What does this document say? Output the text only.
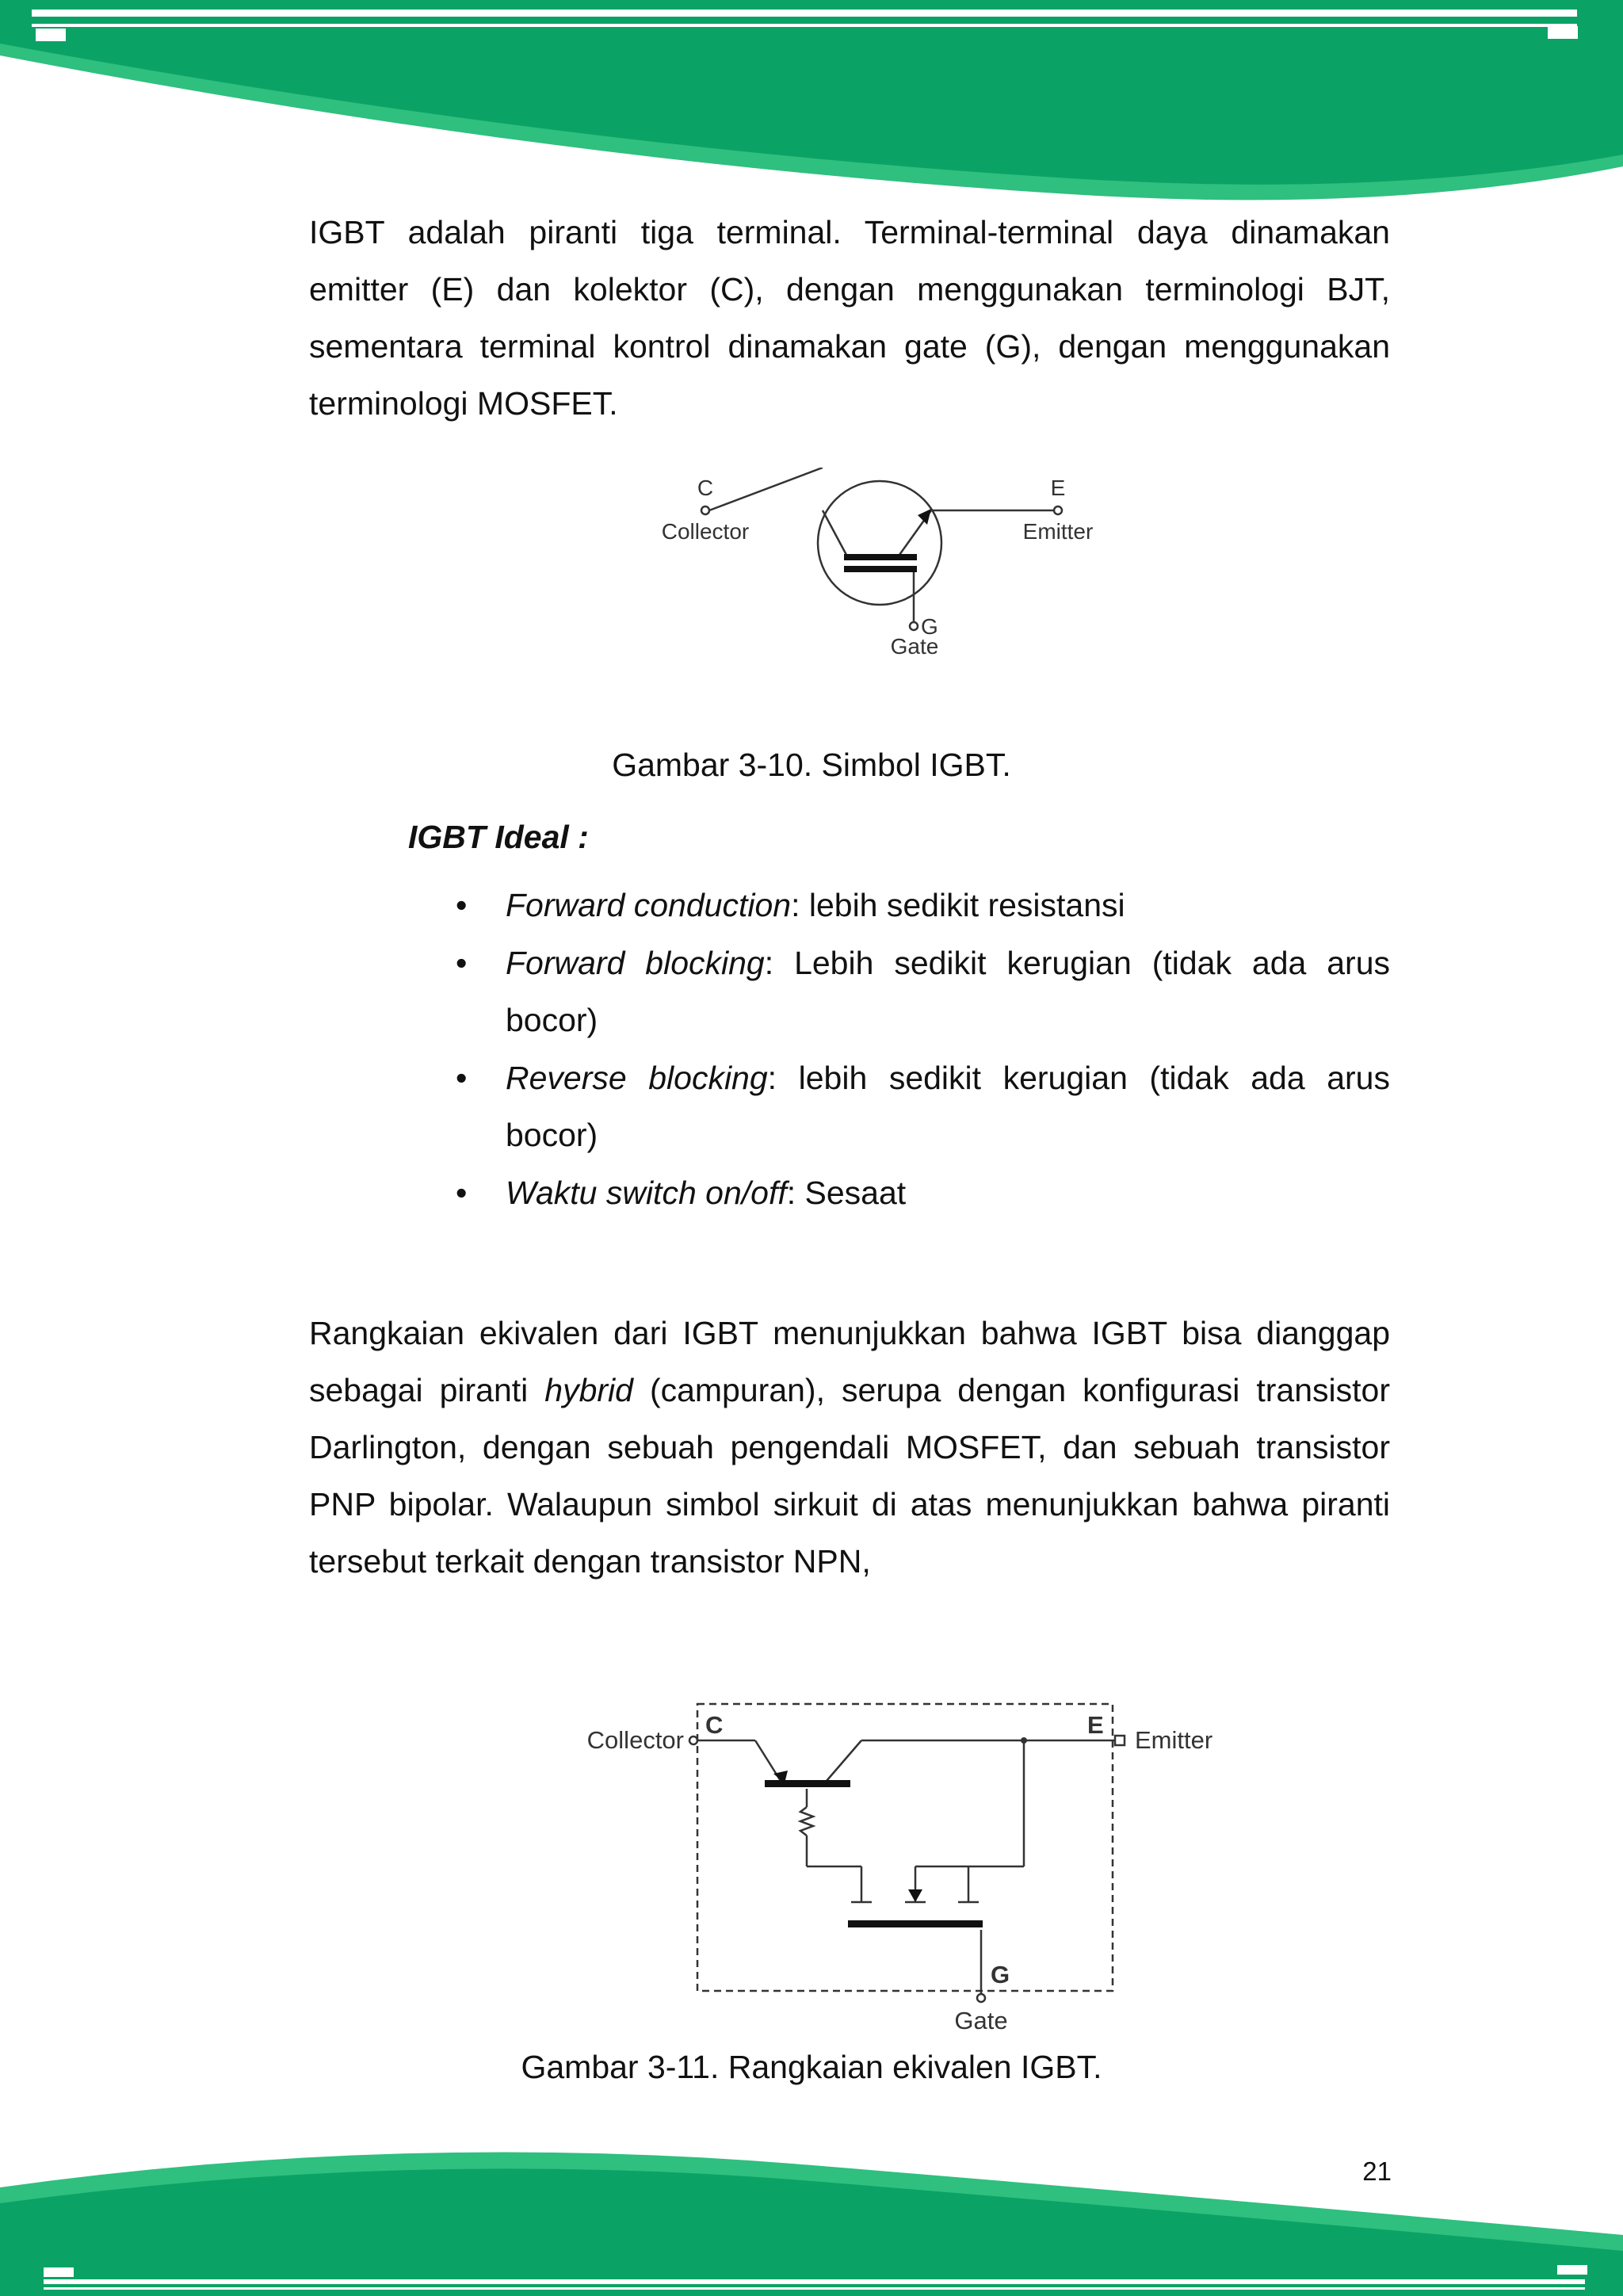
IGBT adalah piranti tiga terminal. Terminal-terminal daya dinamakan emitter (E) dan kolektor (C), dengan menggunakan terminologi BJT, sementara terminal kontrol dinamakan gate (G), dengan menggunakan terminologi MOSFET.

C
Collector
E
Emitter
G
Gate
Gambar 3-10. Simbol IGBT.
IGBT Ideal :
• Forward conduction: lebih sedikit resistansi
• Forward blocking: Lebih sedikit kerugian (tidak ada arus bocor)
• Reverse blocking: lebih sedikit kerugian (tidak ada arus bocor)
• Waktu switch on/off: Sesaat

Rangkaian ekivalen dari IGBT menunjukkan bahwa IGBT bisa dianggap sebagai piranti hybrid (campuran), serupa dengan konfigurasi transistor Darlington, dengan sebuah pengendali MOSFET, dan sebuah transistor PNP bipolar. Walaupun simbol sirkuit di atas menunjukkan bahwa piranti tersebut terkait dengan transistor NPN,

Collector
C	E
Emitter
G
Gate
Gambar 3-11. Rangkaian ekivalen IGBT.
21
